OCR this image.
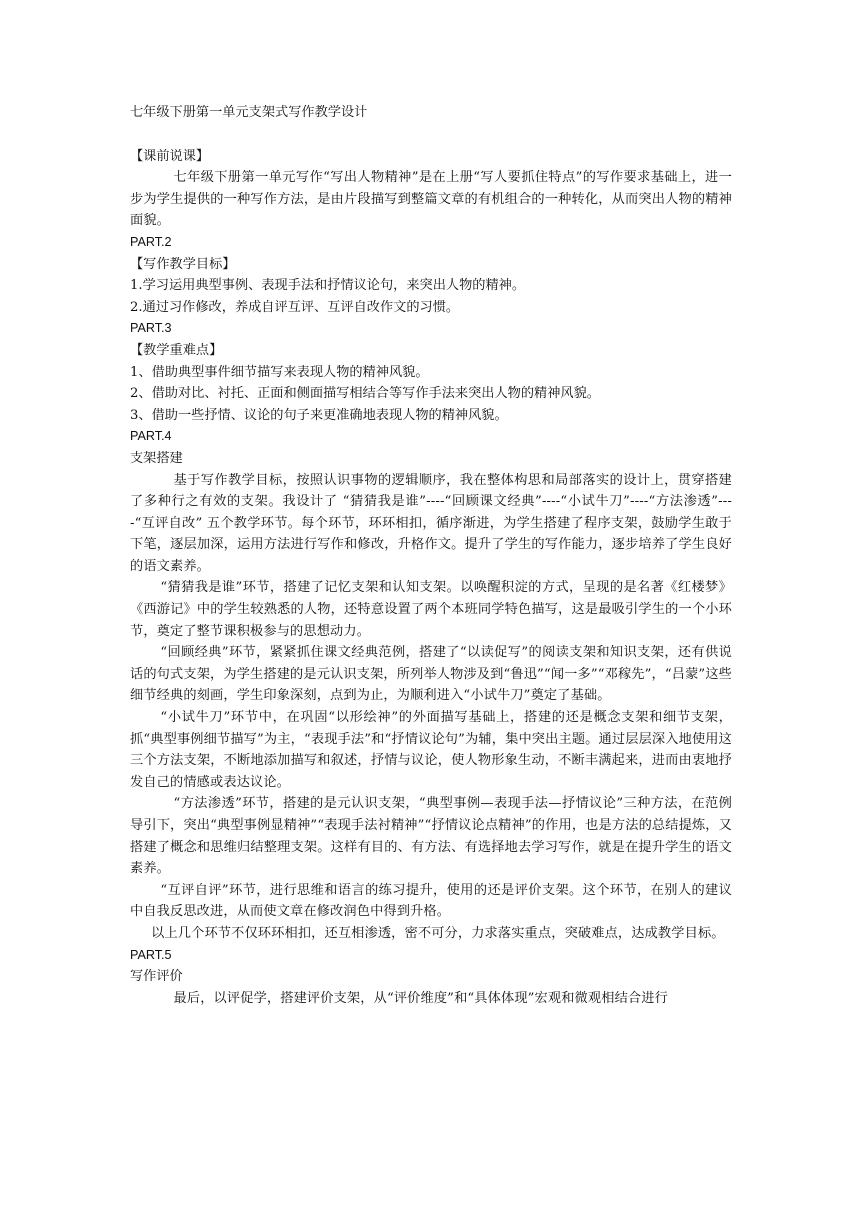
七年级下册第一单元支架式写作教学设计

【课前说课】

七年级下册第一单元写作“写出人物精神”是在上册“写人要抓住特点”的写作要求基础上，进一步为学生提供的一种写作方法，是由片段描写到整篇文章的有机组合的一种转化，从而突出人物的精神面貌。

PART.2

【写作教学目标】

1.学习运用典型事例、表现手法和抒情议论句，来突出人物的精神。

2.通过习作修改，养成自评互评、互评自改作文的习惯。

PART.3

【教学重难点】

1、借助典型事件细节描写来表现人物的精神风貌。

2、借助对比、衬托、正面和侧面描写相结合等写作手法来突出人物的精神风貌。

3、借助一些抒情、议论的句子来更准确地表现人物的精神风貌。

PART.4

支架搭建

基于写作教学目标，按照认识事物的逻辑顺序，我在整体构思和局部落实的设计上，贯穿搭建了多种行之有效的支架。我设计了 “猜猜我是谁”----“回顾课文经典”----“小试牛刀”----“方法渗透”----“互评自改” 五个教学环节。每个环节，环环相扣，循序渐进，为学生搭建了程序支架，鼓励学生敢于下笔，逐层加深，运用方法进行写作和修改，升格作文。提升了学生的写作能力，逐步培养了学生良好的语文素养。

“猜猜我是谁”环节，搭建了记忆支架和认知支架。以唤醒积淀的方式，呈现的是名著《红楼梦》《西游记》中的学生较熟悉的人物，还特意设置了两个本班同学特色描写，这是最吸引学生的一个小环节，奠定了整节课积极参与的思想动力。

“回顾经典”环节，紧紧抓住课文经典范例，搭建了“以读促写”的阅读支架和知识支架，还有供说话的句式支架，为学生搭建的是元认识支架，所列举人物涉及到“鲁迅”“闻一多”“邓稼先”，“吕蒙”这些细节经典的刻画，学生印象深刻，点到为止，为顺利进入“小试牛刀”奠定了基础。

“小试牛刀”环节中，在巩固“以形绘神”的外面描写基础上，搭建的还是概念支架和细节支架，抓“典型事例细节描写”为主，“表现手法”和“抒情议论句”为辅，集中突出主题。通过层层深入地使用这三个方法支架，不断地添加描写和叙述，抒情与议论，使人物形象生动，不断丰满起来，进而由衷地抒发自己的情感或表达议论。

“方法渗透”环节，搭建的是元认识支架，“典型事例—表现手法—抒情议论”三种方法，在范例导引下，突出“典型事例显精神”“表现手法衬精神”“抒情议论点精神”的作用，也是方法的总结提炼，又搭建了概念和思维归结整理支架。这样有目的、有方法、有选择地去学习写作，就是在提升学生的语文素养。

“互评自评”环节，进行思维和语言的练习提升，使用的还是评价支架。这个环节，在别人的建议中自我反思改进，从而使文章在修改润色中得到升格。

以上几个环节不仅环环相扣，还互相渗透，密不可分，力求落实重点，突破难点，达成教学目标。

PART.5

写作评价

最后，以评促学，搭建评价支架，从“评价维度”和“具体体现”宏观和微观相结合进行
